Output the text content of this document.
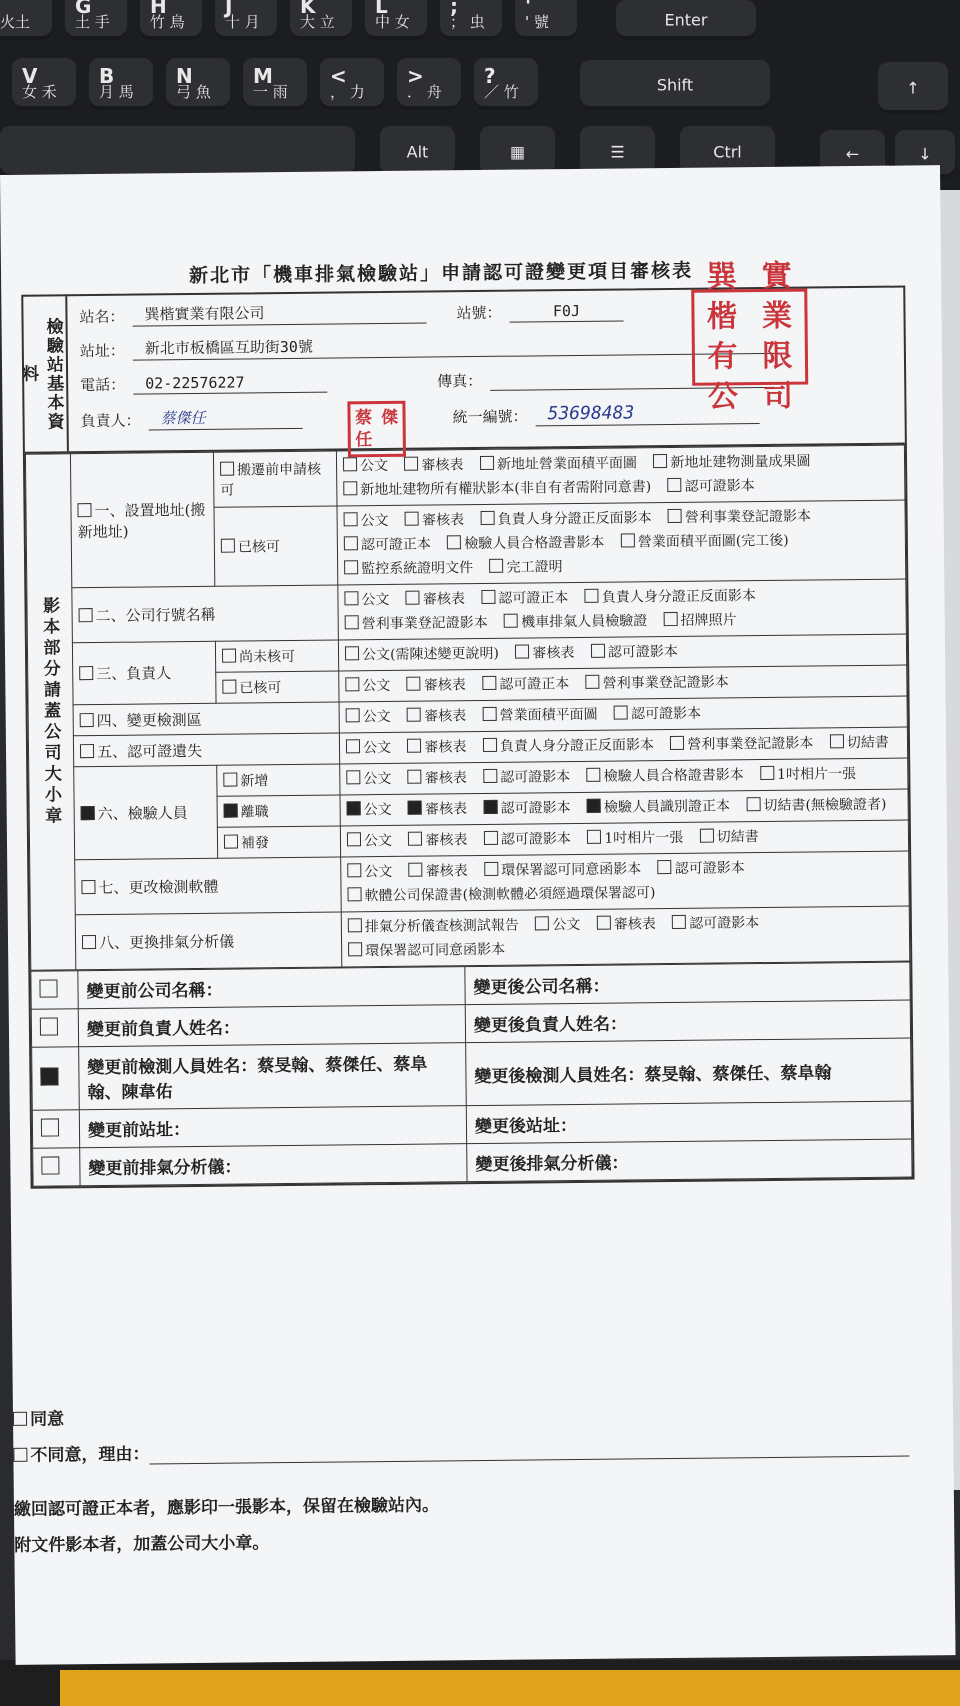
火土
G
土 手
H
竹 鳥
J
十 月
K
大 立
L
中 女
;
； 虫
'
' 號
V
女 禾
B
月 馬
N
弓 魚
M
一 雨
<
， 力
>
． 舟
?
／ 竹
Enter
Shift	↑
Alt	▦	☰	Ctrl	←	↓
新北市「機車排氣檢驗站」申請認可證變更項目審核表
檢驗站基本資料
站名：	巽楷實業有限公司	站號：	F0J
站址：	新北市板橋區互助街30號
電話：	02-22576227	傳真：
負責人：	蔡傑任	統一編號：	53698483
影本部分請蓋公司大小章	一、設置地址(搬新地址)	搬遷前申請核可	公文 審核表 新地址營業面積平面圖 新地址建物測量成果圖 新地址建物所有權狀影本(非自有者需附同意書) 認可證影本
		已核可	公文 審核表 負責人身分證正反面影本 營利事業登記證影本 認可證正本 檢驗人員合格證書影本 營業面積平面圖(完工後) 監控系統證明文件 完工證明
	二、公司行號名稱		公文 審核表 認可證正本 負責人身分證正反面影本 營利事業登記證影本 機車排氣人員檢驗證 招牌照片
	三、負責人	尚未核可	公文(需陳述變更說明) 審核表 認可證影本
		已核可	公文 審核表 認可證正本 營利事業登記證影本
	四、變更檢測區		公文 審核表 營業面積平面圖 認可證影本
	五、認可證遺失		公文 審核表 負責人身分證正反面影本 營利事業登記證影本 切結書
	六、檢驗人員	新增	公文 審核表 認可證影本 檢驗人員合格證書影本 1吋相片一張
		離職	公文 審核表 認可證影本 檢驗人員識別證正本 切結書(無檢驗證者)
		補發	公文 審核表 認可證影本 1吋相片一張 切結書
	七、更改檢測軟體		公文 審核表 環保署認可同意函影本 認可證影本 軟體公司保證書(檢測軟體必須經過環保署認可)
	八、更換排氣分析儀		排氣分析儀查核測試報告 公文 審核表 認可證影本 環保署認可同意函影本
	變更前公司名稱：	變更後公司名稱：
	變更前負責人姓名：	變更後負責人姓名：
	變更前檢測人員姓名：蔡旻翰、蔡傑任、蔡阜翰、陳韋佑	變更後檢測人員姓名：蔡旻翰、蔡傑任、蔡阜翰
	變更前站址：	變更後站址：
	變更前排氣分析儀：	變更後排氣分析儀：
巽 實
楷 業
有 限
公 司
蔡 傑
任
同意
不同意，理由：
繳回認可證正本者，應影印一張影本，保留在檢驗站內。
附文件影本者，加蓋公司大小章。
